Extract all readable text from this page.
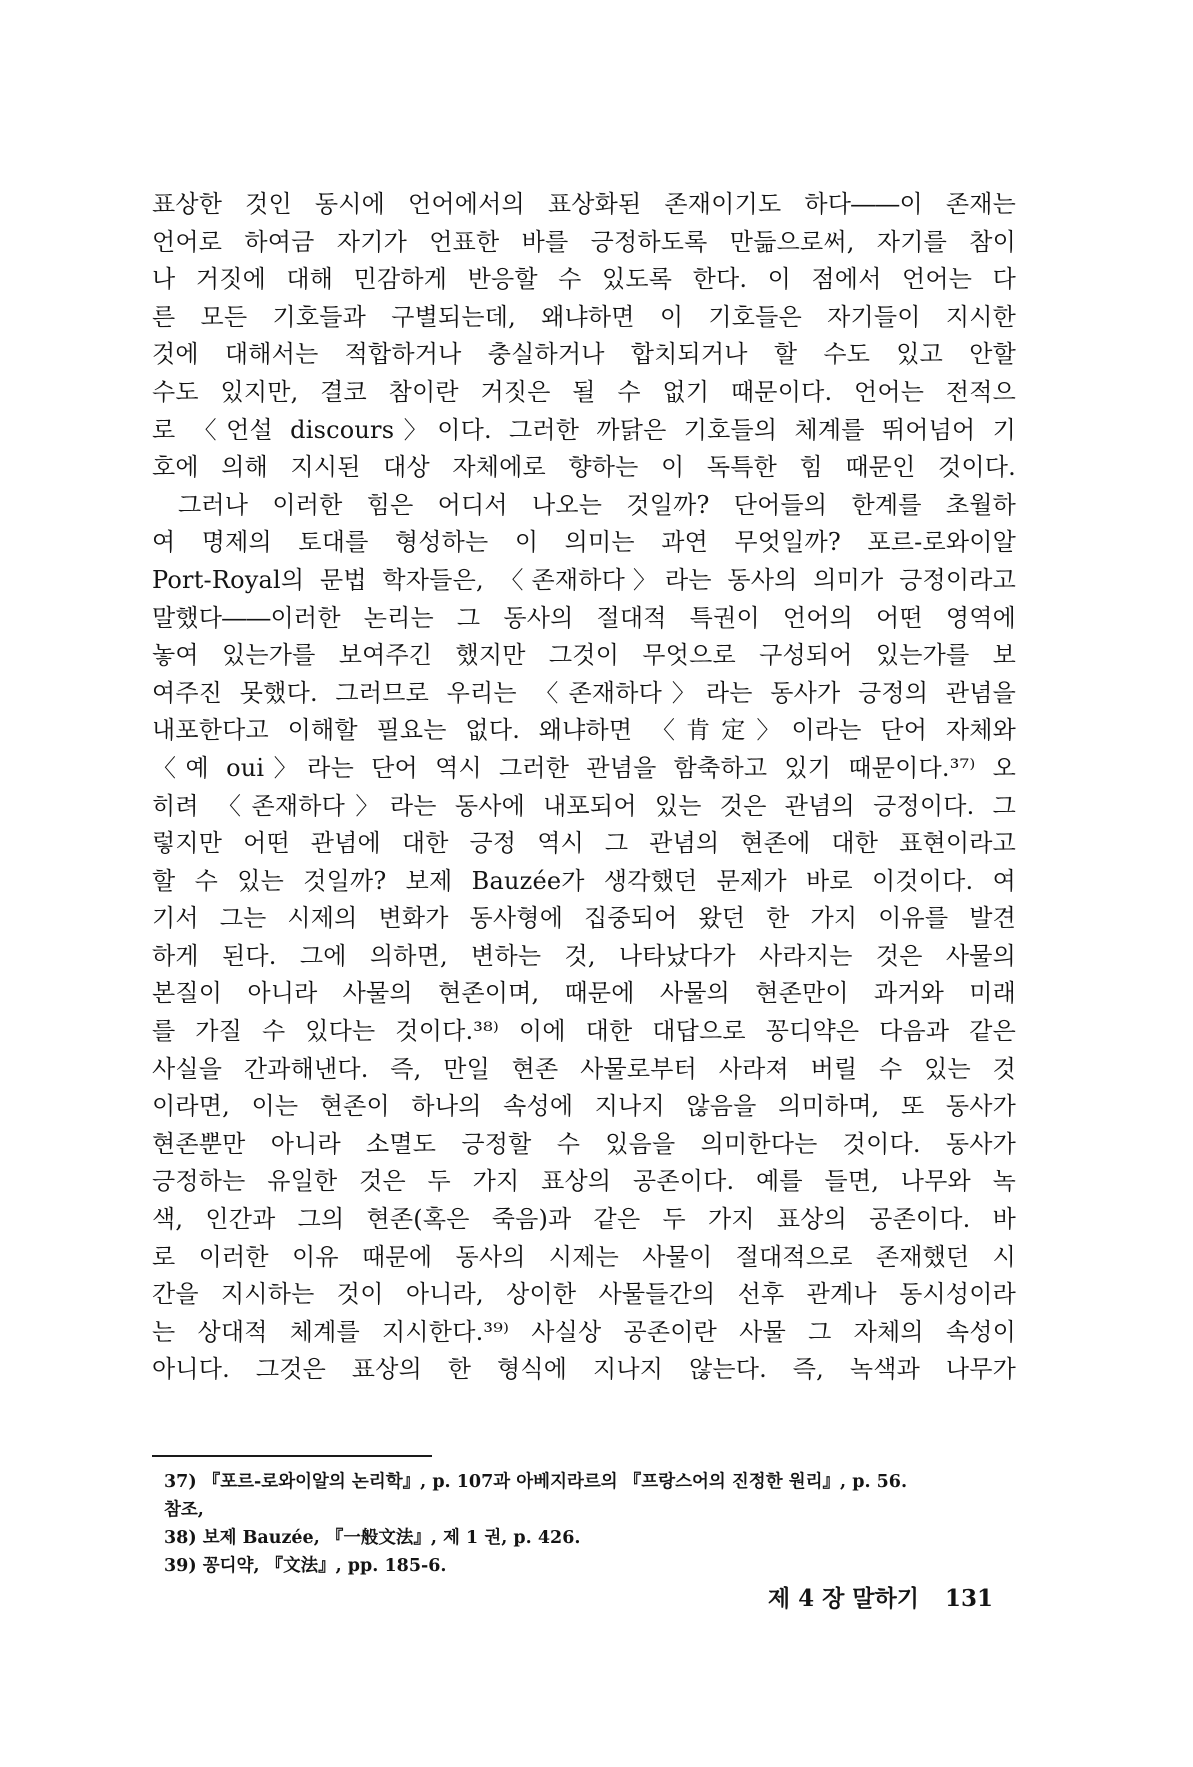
표상한 것인 동시에 언어에서의 표상화된 존재이기도 하다――이 존재는
언어로 하여금 자기가 언표한 바를 긍정하도록 만듦으로써, 자기를 참이
나 거짓에 대해 민감하게 반응할 수 있도록 한다. 이 점에서 언어는 다
른 모든 기호들과 구별되는데, 왜냐하면 이 기호들은 자기들이 지시한
것에 대해서는 적합하거나 충실하거나 합치되거나 할 수도 있고 안할
수도 있지만, 결코 참이란 거짓은 될 수 없기 때문이다. 언어는 전적으
로 〈언설 discours〉이다. 그러한 까닭은 기호들의 체계를 뛰어넘어 기
호에 의해 지시된 대상 자체에로 향하는 이 독특한 힘 때문인 것이다.
그러나 이러한 힘은 어디서 나오는 것일까? 단어들의 한계를 초월하
여 명제의 토대를 형성하는 이 의미는 과연 무엇일까? 포르-로와이알
Port-Royal의 문법 학자들은, 〈존재하다〉라는 동사의 의미가 긍정이라고
말했다――이러한 논리는 그 동사의 절대적 특권이 언어의 어떤 영역에
놓여 있는가를 보여주긴 했지만 그것이 무엇으로 구성되어 있는가를 보
여주진 못했다. 그러므로 우리는 〈존재하다〉라는 동사가 긍정의 관념을
내포한다고 이해할 필요는 없다. 왜냐하면 〈肯定〉이라는 단어 자체와
〈예 oui〉라는 단어 역시 그러한 관념을 함축하고 있기 때문이다.³⁷⁾ 오
히려 〈존재하다〉라는 동사에 내포되어 있는 것은 관념의 긍정이다. 그
렇지만 어떤 관념에 대한 긍정 역시 그 관념의 현존에 대한 표현이라고
할 수 있는 것일까? 보제 Bauzée가 생각했던 문제가 바로 이것이다. 여
기서 그는 시제의 변화가 동사형에 집중되어 왔던 한 가지 이유를 발견
하게 된다. 그에 의하면, 변하는 것, 나타났다가 사라지는 것은 사물의
본질이 아니라 사물의 현존이며, 때문에 사물의 현존만이 과거와 미래
를 가질 수 있다는 것이다.³⁸⁾ 이에 대한 대답으로 꽁디약은 다음과 같은
사실을 간과해낸다. 즉, 만일 현존 사물로부터 사라져 버릴 수 있는 것
이라면, 이는 현존이 하나의 속성에 지나지 않음을 의미하며, 또 동사가
현존뿐만 아니라 소멸도 긍정할 수 있음을 의미한다는 것이다. 동사가
긍정하는 유일한 것은 두 가지 표상의 공존이다. 예를 들면, 나무와 녹
색, 인간과 그의 현존(혹은 죽음)과 같은 두 가지 표상의 공존이다. 바
로 이러한 이유 때문에 동사의 시제는 사물이 절대적으로 존재했던 시
간을 지시하는 것이 아니라, 상이한 사물들간의 선후 관계나 동시성이라
는 상대적 체계를 지시한다.³⁹⁾ 사실상 공존이란 사물 그 자체의 속성이
아니다. 그것은 표상의 한 형식에 지나지 않는다. 즉, 녹색과 나무가
37) 『포르-로와이알의 논리학』, p. 107과 아베지라르의 『프랑스어의 진정한 원리』, p. 56.
참조,
38) 보제 Bauzée, 『一般文法』, 제 1 권, p. 426.
39) 꽁디약, 『文法』, pp. 185-6.
제 4 장 말하기 131
